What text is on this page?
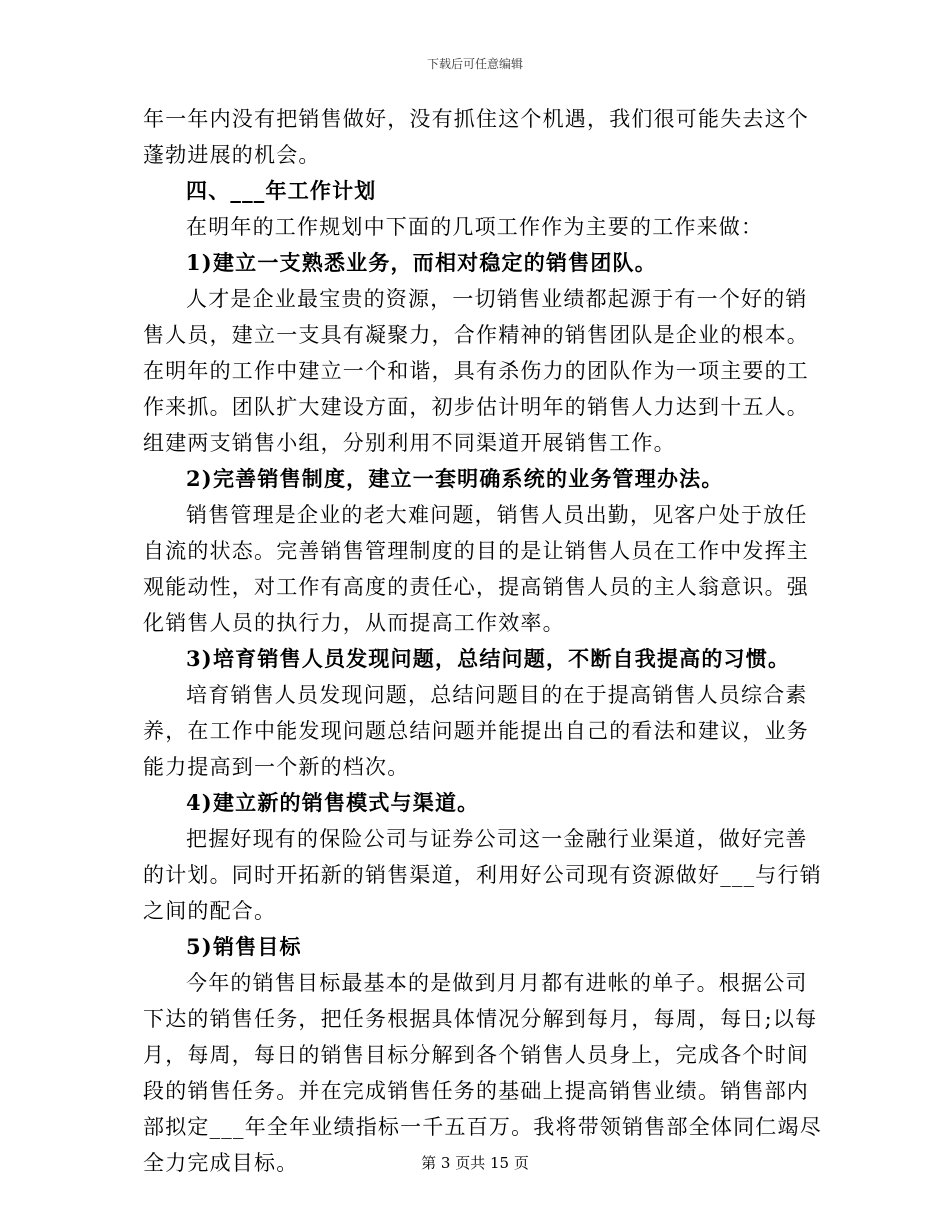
下载后可任意编辑
年一年内没有把销售做好，没有抓住这个机遇，我们很可能失去这个
蓬勃进展的机会。
四、___年工作计划
在明年的工作规划中下面的几项工作作为主要的工作来做：
1)建立一支熟悉业务，而相对稳定的销售团队。
人才是企业最宝贵的资源，一切销售业绩都起源于有一个好的销
售人员，建立一支具有凝聚力，合作精神的销售团队是企业的根本。
在明年的工作中建立一个和谐，具有杀伤力的团队作为一项主要的工
作来抓。团队扩大建设方面，初步估计明年的销售人力达到十五人。
组建两支销售小组，分别利用不同渠道开展销售工作。
2)完善销售制度，建立一套明确系统的业务管理办法。
销售管理是企业的老大难问题，销售人员出勤，见客户处于放任
自流的状态。完善销售管理制度的目的是让销售人员在工作中发挥主
观能动性，对工作有高度的责任心，提高销售人员的主人翁意识。强
化销售人员的执行力，从而提高工作效率。
3)培育销售人员发现问题，总结问题，不断自我提高的习惯。
培育销售人员发现问题，总结问题目的在于提高销售人员综合素
养，在工作中能发现问题总结问题并能提出自己的看法和建议，业务
能力提高到一个新的档次。
4)建立新的销售模式与渠道。
把握好现有的保险公司与证券公司这一金融行业渠道，做好完善
的计划。同时开拓新的销售渠道，利用好公司现有资源做好___与行销
之间的配合。
5)销售目标
今年的销售目标最基本的是做到月月都有进帐的单子。根据公司
下达的销售任务，把任务根据具体情况分解到每月，每周，每日;以每
月，每周，每日的销售目标分解到各个销售人员身上，完成各个时间
段的销售任务。并在完成销售任务的基础上提高销售业绩。销售部内
部拟定___年全年业绩指标一千五百万。我将带领销售部全体同仁竭尽
全力完成目标。	第 3 页共 15 页
